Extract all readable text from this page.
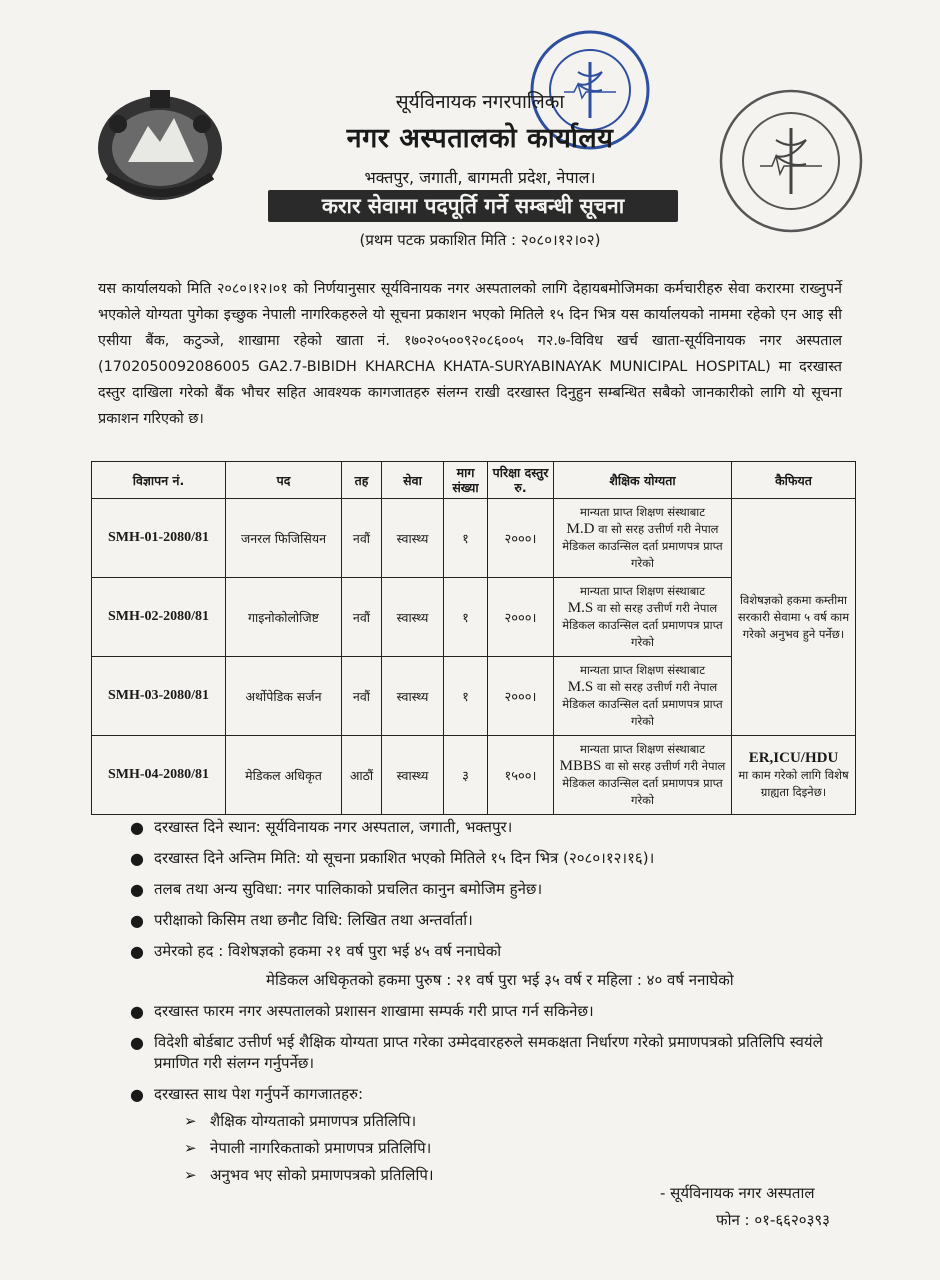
सूर्यविनायक नगरपालिका
नगर अस्पतालको कार्यालय
भक्तपुर, जगाती, बागमती प्रदेश, नेपाल।
करार सेवामा पदपूर्ति गर्ने सम्बन्धी सूचना
(प्रथम पटक प्रकाशित मिति : २०८०।१२।०२)
यस कार्यालयको मिति २०८०।१२।०१ को निर्णयानुसार सूर्यविनायक नगर अस्पतालको लागि देहायबमोजिमका कर्मचारीहरु सेवा करारमा राख्नुपर्ने भएकोले योग्यता पुगेका इच्छुक नेपाली नागरिकहरुले यो सूचना प्रकाशन भएको मितिले १५ दिन भित्र यस कार्यालयको नाममा रहेको एन आइ सी एसीया बैंक, कटुञ्जे, शाखामा रहेको खाता नं. १७०२०५००९२०८६००५ ग२.७-विविध खर्च खाता-सूर्यविनायक नगर अस्पताल (1702050092086005 GA2.7-BIBIDH KHARCHA KHATA-SURYABINAYAK MUNICIPAL HOSPITAL) मा दरखास्त दस्तुर दाखिला गरेको बैंक भौचर सहित आवश्यक कागजातहरु संलग्न राखी दरखास्त दिनुहुन सम्बन्धित सबैको जानकारीको लागि यो सूचना प्रकाशन गरिएको छ।
विज्ञापन नं.	पद	तह	सेवा	माग संख्या	परिक्षा दस्तुर रु.	शैक्षिक योग्यता	कैफियत
SMH-01-2080/81	जनरल फिजिसियन	नवौं	स्वास्थ्य	१	२०००।	मान्यता प्राप्त शिक्षण संस्थाबाट
M.D वा सो सरह उत्तीर्ण गरी नेपाल मेडिकल काउन्सिल दर्ता प्रमाणपत्र प्राप्त गरेको	विशेषज्ञको हकमा कम्तीमा सरकारी सेवामा ५ वर्ष काम गरेको अनुभव हुने पर्नेछ।
SMH-02-2080/81	गाइनोकोलोजिष्ट	नवौं	स्वास्थ्य	१	२०००।	मान्यता प्राप्त शिक्षण संस्थाबाट
M.S वा सो सरह उत्तीर्ण गरी नेपाल मेडिकल काउन्सिल दर्ता प्रमाणपत्र प्राप्त गरेको	
SMH-03-2080/81	अर्थोपेडिक सर्जन	नवौं	स्वास्थ्य	१	२०००।	मान्यता प्राप्त शिक्षण संस्थाबाट
M.S वा सो सरह उत्तीर्ण गरी नेपाल मेडिकल काउन्सिल दर्ता प्रमाणपत्र प्राप्त गरेको	
SMH-04-2080/81	मेडिकल अधिकृत	आठौं	स्वास्थ्य	३	१५००।	मान्यता प्राप्त शिक्षण संस्थाबाट
MBBS वा सो सरह उत्तीर्ण गरी नेपाल मेडिकल काउन्सिल दर्ता प्रमाणपत्र प्राप्त गरेको	ER,ICU/HDU
मा काम गरेको लागि विशेष ग्राह्यता दिइनेछ।
● दरखास्त दिने स्थान: सूर्यविनायक नगर अस्पताल, जगाती, भक्तपुर।
● दरखास्त दिने अन्तिम मिति: यो सूचना प्रकाशित भएको मितिले १५ दिन भित्र (२०८०।१२।१६)।
● तलब तथा अन्य सुविधा: नगर पालिकाको प्रचलित कानुन बमोजिम हुनेछ।
● परीक्षाको किसिम तथा छनौट विधि: लिखित तथा अन्तर्वार्ता।
● उमेरको हद : विशेषज्ञको हकमा २१ वर्ष पुरा भई ४५ वर्ष ननाघेको
मेडिकल अधिकृतको हकमा पुरुष : २१ वर्ष पुरा भई ३५ वर्ष र महिला : ४० वर्ष ननाघेको
● दरखास्त फारम नगर अस्पतालको प्रशासन शाखामा सम्पर्क गरी प्राप्त गर्न सकिनेछ।
● विदेशी बोर्डबाट उत्तीर्ण भई शैक्षिक योग्यता प्राप्त गरेका उम्मेदवारहरुले समकक्षता निर्धारण गरेको प्रमाणपत्रको प्रतिलिपि स्वयंले प्रमाणित गरी संलग्न गर्नुपर्नेछ।
● दरखास्त साथ पेश गर्नुपर्ने कागजातहरु:
➢ शैक्षिक योग्यताको प्रमाणपत्र प्रतिलिपि।
➢ नेपाली नागरिकताको प्रमाणपत्र प्रतिलिपि।
➢ अनुभव भए सोको प्रमाणपत्रको प्रतिलिपि।
- सूर्यविनायक नगर अस्पताल
फोन : ०१-६६२०३९३
